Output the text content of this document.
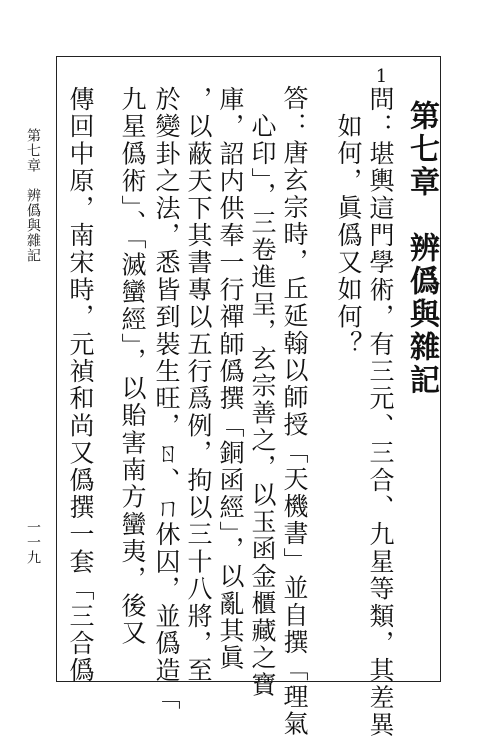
第七章　辨僞與雜記
1
問：堪輿這門學術，有三元、三合、九星等類，其差異
如何，眞僞又如何？
答：唐玄宗時，丘延翰以師授「天機書」並自撰「理氣
心印」，三卷進呈，玄宗善之，以玉函金櫃藏之寶
庫，詔内供奉一行禪師僞撰「銅函經」，以亂其眞
，以蔽天下其書專以五行爲例，拘以三十八將，至
於變卦之法，悉皆到裝生旺，ㄖ、ㄇ休囚，並僞造「
九星僞術」、「滅蠻經」，以貽害南方蠻夷，後又
傳回中原，南宋時，元禎和尚又僞撰一套「三合僞
第七章　辨僞與雜記
一一九
